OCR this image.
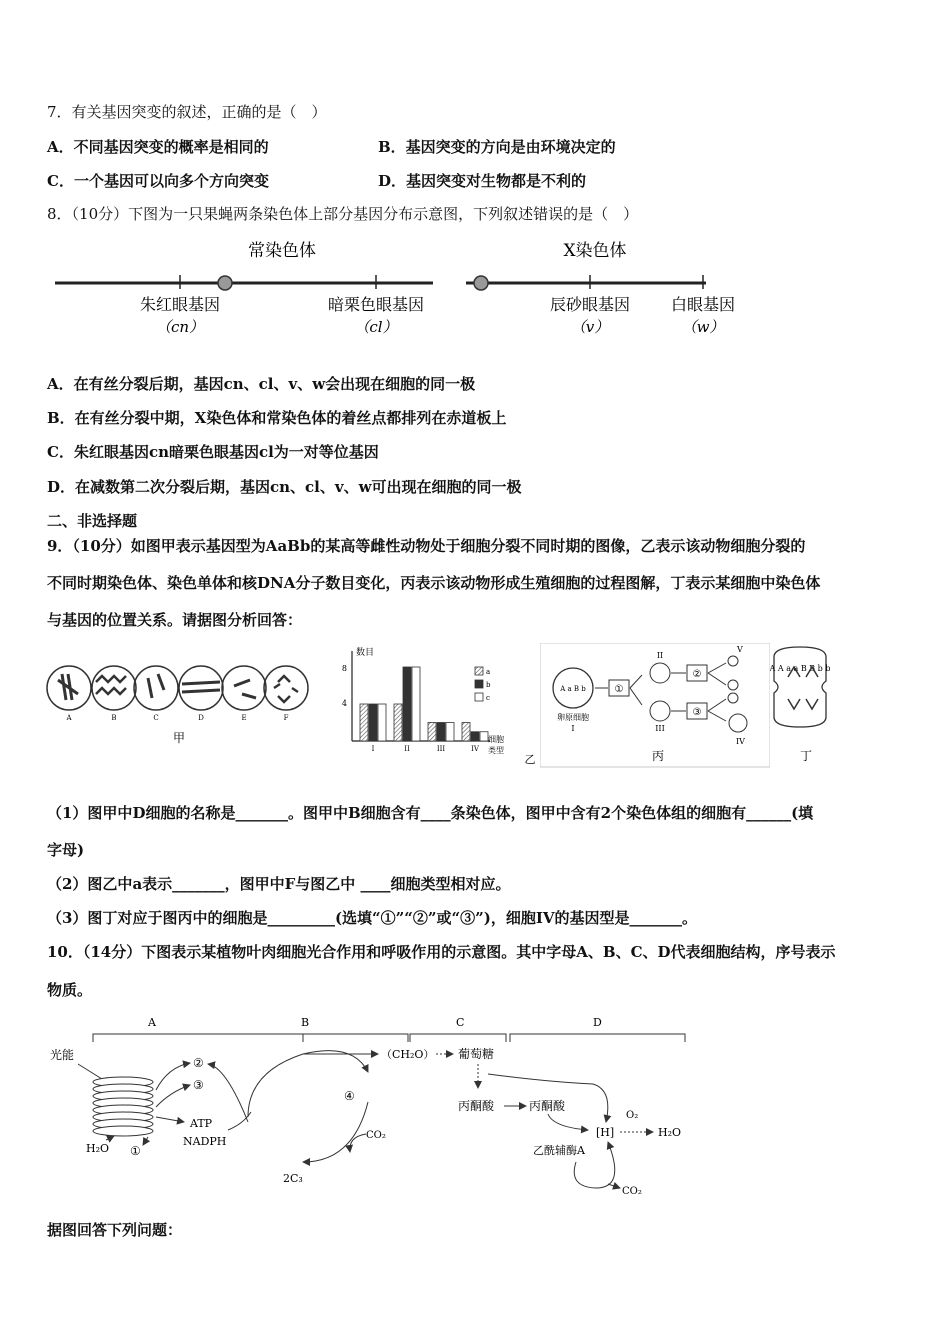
7．有关基因突变的叙述，正确的是（　）
A．不同基因突变的概率是相同的	B．基因突变的方向是由环境决定的
C．一个基因可以向多个方向突变	D．基因突变对生物都是不利的
8．（10分）下图为一只果蝇两条染色体上部分基因分布示意图，下列叙述错误的是（　）
常染色体	X染色体
朱红眼基因
（cn）
暗栗色眼基因
（cl）
辰砂眼基因
（v）
白眼基因
（w）
A．在有丝分裂后期，基因cn、cl、v、w会出现在细胞的同一极
B．在有丝分裂中期，X染色体和常染色体的着丝点都排列在赤道板上
C．朱红眼基因cn暗栗色眼基因cl为一对等位基因
D．在减数第二次分裂后期，基因cn、cl、v、w可出现在细胞的同一极
二、非选择题
9．（10分）如图甲表示基因型为AaBb的某高等雌性动物处于细胞分裂不同时期的图像，乙表示该动物细胞分裂的
不同时期染色体、染色单体和核DNA分子数目变化，丙表示该动物形成生殖细胞的过程图解，丁表示某细胞中染色体
与基因的位置关系。请据图分析回答：
A	B	C	D	E	F
甲
数目
8
4
I	II	III	IV
细胞
类型
a
b
c
乙
A a B b
卵原细胞
I
①
II
III
②
③
V
IV
丙
A A a a B B b b
丁
（1）图甲中D细胞的名称是_______。图甲中B细胞含有____条染色体，图甲中含有2个染色体组的细胞有______(填
字母)
（2）图乙中a表示_______，图甲中F与图乙中 ____细胞类型相对应。
（3）图丁对应于图丙中的细胞是_________(选填“①”“②”或“③”)，细胞IV的基因型是_______。
10．（14分）下图表示某植物叶肉细胞光合作用和呼吸作用的示意图。其中字母A、B、C、D代表细胞结构，序号表示
物质。
A	B	C	D
光能
H₂O ①
②
③
ATP
NADPH
④
2C₃
CO₂
（CH₂O） 葡萄糖
丙酮酸	丙酮酸
[H]
O₂
H₂O
乙酰辅酶A
CO₂
据图回答下列问题：
